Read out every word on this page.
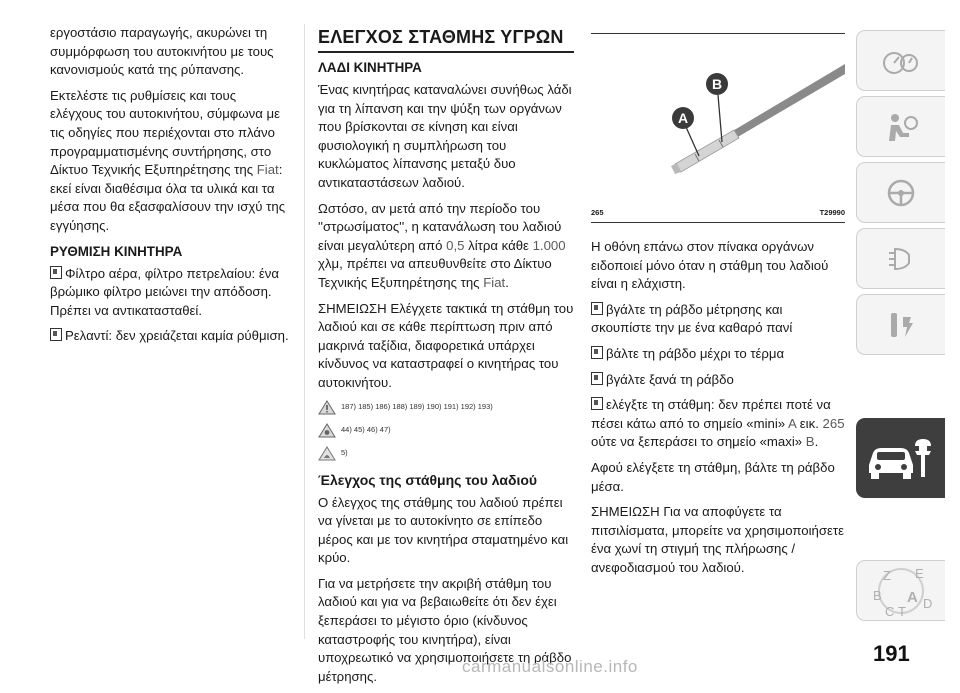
εργοστάσιο παραγωγής, ακυρώνει τη συμμόρφωση του αυτοκινήτου με τους κανονισμούς κατά της ρύπανσης.

Εκτελέστε τις ρυθμίσεις και τους ελέγχους του αυτοκινήτου, σύμφωνα με τις οδηγίες που περιέχονται στο πλάνο προγραμματισμένης συντήρησης, στο Δίκτυο Τεχνικής Εξυπηρέτησης της Fiat: εκεί είναι διαθέσιμα όλα τα υλικά και τα μέσα που θα εξασφαλίσουν την ισχύ της εγγύησης.

ΡΥΘΜΙΣΗ ΚΙΝΗΤΗΡΑ

Φίλτρο αέρα, φίλτρο πετρελαίου: ένα βρώμικο φίλτρο μειώνει την απόδοση. Πρέπει να αντικατασταθεί.

Ρελαντί: δεν χρειάζεται καμία ρύθμιση.

ΕΛΕΓΧΟΣ ΣΤΑΘΜΗΣ ΥΓΡΩΝ
ΛΑΔΙ ΚΙΝΗΤΗΡΑ

Ένας κινητήρας καταναλώνει συνήθως λάδι για τη λίπανση και την ψύξη των οργάνων που βρίσκονται σε κίνηση και είναι φυσιολογική η συμπλήρωση του κυκλώματος λίπανσης μεταξύ δυο αντικαταστάσεων λαδιού.

Ωστόσο, αν μετά από την περίοδο του ''στρωσίματος'', η κατανάλωση του λαδιού είναι μεγαλύτερη από 0,5 λίτρα κάθε 1.000 χλμ, πρέπει να απευθυνθείτε στο Δίκτυο Τεχνικής Εξυπηρέτησης της Fiat.

ΣΗΜΕΙΩΣΗ Ελέγχετε τακτικά τη στάθμη του λαδιού και σε κάθε περίπτωση πριν από μακρινά ταξίδια, διαφορετικά υπάρχει κίνδυνος να καταστραφεί ο κινητήρας του αυτοκινήτου.

187) 185) 186) 188) 189) 190) 191) 192) 193)
44) 45) 46) 47)
5)
Έλεγχος της στάθμης του λαδιού

Ο έλεγχος της στάθμης του λαδιού πρέπει να γίνεται με το αυτοκίνητο σε επίπεδο μέρος και με τον κινητήρα σταματημένο και κρύο.

Για να μετρήσετε την ακριβή στάθμη του λαδιού και για να βεβαιωθείτε ότι δεν έχει ξεπεράσει το μέγιστο όριο (κίνδυνος καταστροφής του κινητήρα), είναι υποχρεωτικό να χρησιμοποιήσετε τη ράβδο μέτρησης.

A
B
265	T29990

Η οθόνη επάνω στον πίνακα οργάνων ειδοποιεί μόνο όταν η στάθμη του λαδιού είναι η ελάχιστη.

βγάλτε τη ράβδο μέτρησης και σκουπίστε την με ένα καθαρό πανί

βάλτε τη ράβδο μέχρι το τέρμα

βγάλτε ξανά τη ράβδο

ελέγξτε τη στάθμη: δεν πρέπει ποτέ να πέσει κάτω από το σημείο «mini» A εικ. 265 ούτε να ξεπεράσει το σημείο «maxi» B.

Αφού ελέγξετε τη στάθμη, βάλτε τη ράβδο μέσα.

ΣΗΜΕΙΩΣΗ Για να αποφύγετε τα πιτσιλίσματα, μπορείτε να χρησιμοποιήσετε ένα χωνί τη στιγμή της πλήρωσης / ανεφοδιασμού του λαδιού.

Z E
B
C T
A D
191
carmanualsonline.info
